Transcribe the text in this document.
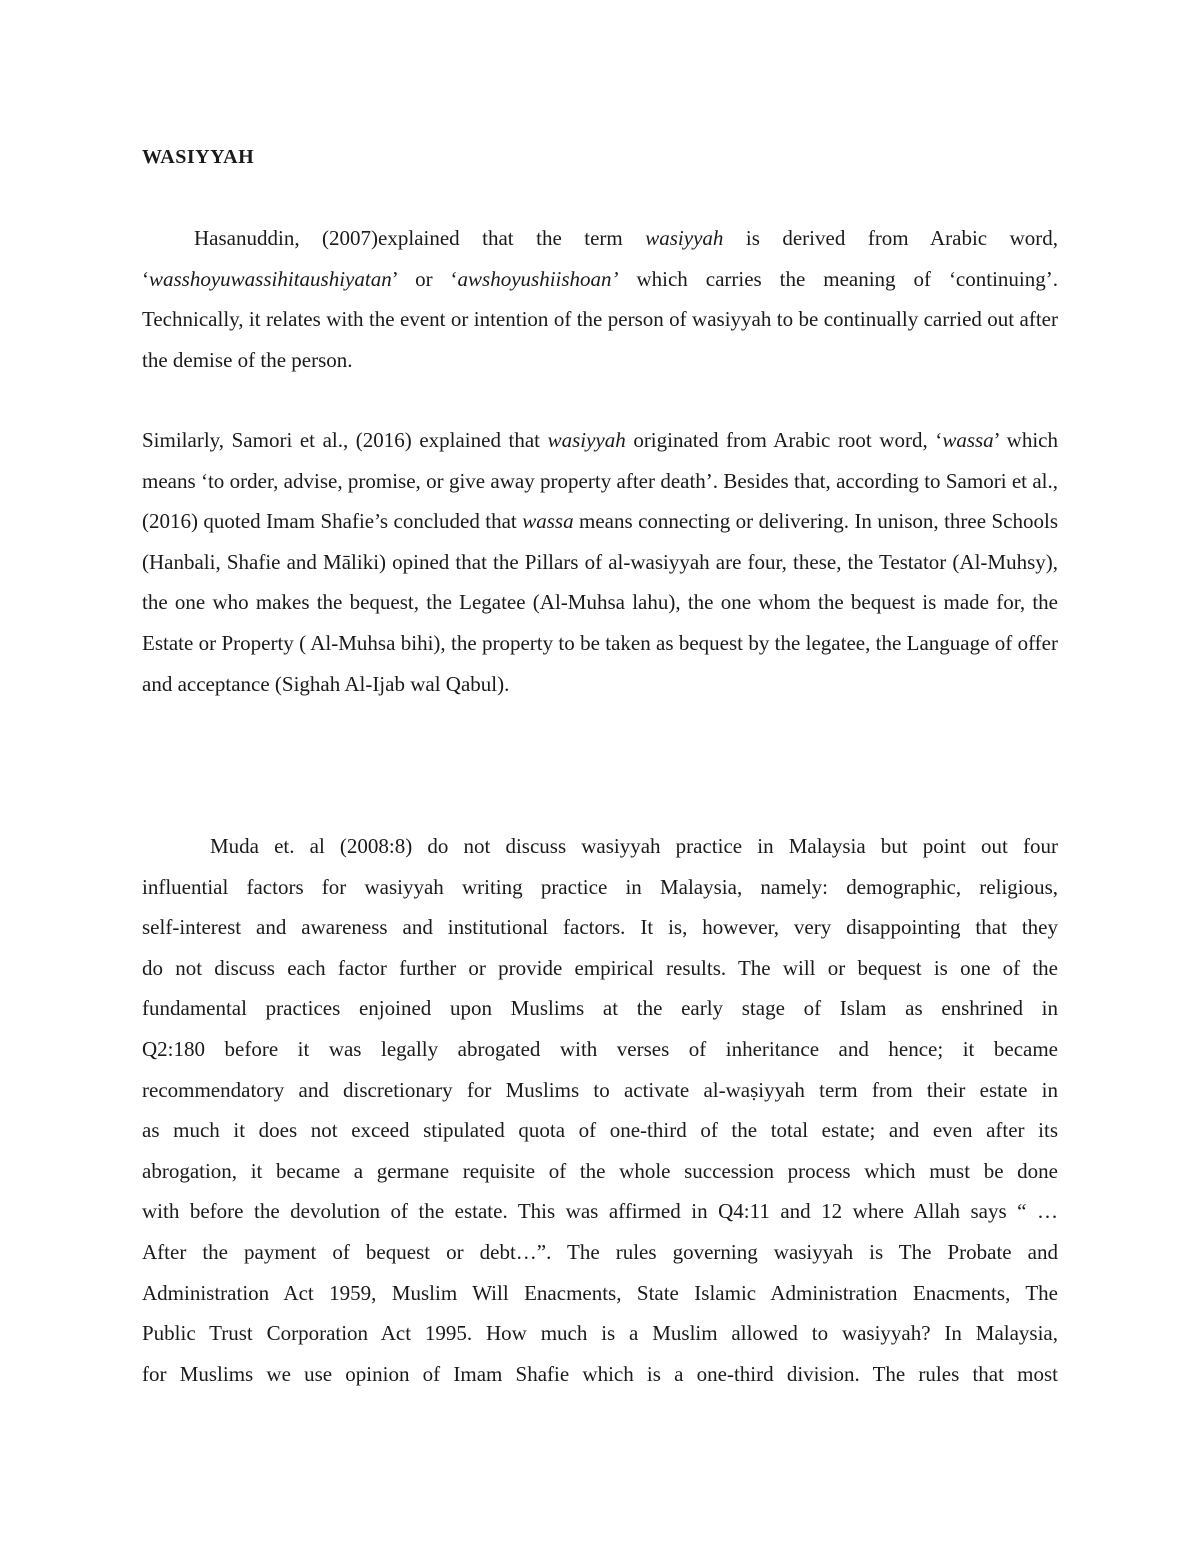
WASIYYAH

Hasanuddin, (2007)explained that the term wasiyyah is derived from Arabic word, ‘wasshoyuwassihitaushiyatan’ or ‘awshoyushiishoan’ which carries the meaning of ‘continuing’. Technically, it relates with the event or intention of the person of wasiyyah to be continually carried out after the demise of the person.

Similarly, Samori et al., (2016) explained that wasiyyah originated from Arabic root word, ‘wassa’ which means ‘to order, advise, promise, or give away property after death’. Besides that, according to Samori et al., (2016) quoted Imam Shafie’s concluded that wassa means connecting or delivering. In unison, three Schools (Hanbali, Shafie and Māliki) opined that the Pillars of al-wasiyyah are four, these, the Testator (Al-Muhsy), the one who makes the bequest, the Legatee (Al-Muhsa lahu), the one whom the bequest is made for, the Estate or Property ( Al-Muhsa bihi), the property to be taken as bequest by the legatee, the Language of offer and acceptance (Sighah Al-Ijab wal Qabul).

Muda et. al (2008:8) do not discuss wasiyyah practice in Malaysia but point out four
influential factors for wasiyyah writing practice in Malaysia, namely: demographic, religious,
self-interest and awareness and institutional factors. It is, however, very disappointing that they
do not discuss each factor further or provide empirical results. The will or bequest is one of the
fundamental practices enjoined upon Muslims at the early stage of Islam as enshrined in
Q2:180 before it was legally abrogated with verses of inheritance and hence; it became
recommendatory and discretionary for Muslims to activate al-waṣiyyah term from their estate in
as much it does not exceed stipulated quota of one-third of the total estate; and even after its
abrogation, it became a germane requisite of the whole succession process which must be done
with before the devolution of the estate. This was affirmed in Q4:11 and 12 where Allah says “ …
After the payment of bequest or debt…”. The rules governing wasiyyah is The Probate and
Administration Act 1959, Muslim Will Enacments, State Islamic Administration Enacments, The
Public Trust Corporation Act 1995. How much is a Muslim allowed to wasiyyah? In Malaysia,
for Muslims we use opinion of Imam Shafie which is a one-third division. The rules that most
